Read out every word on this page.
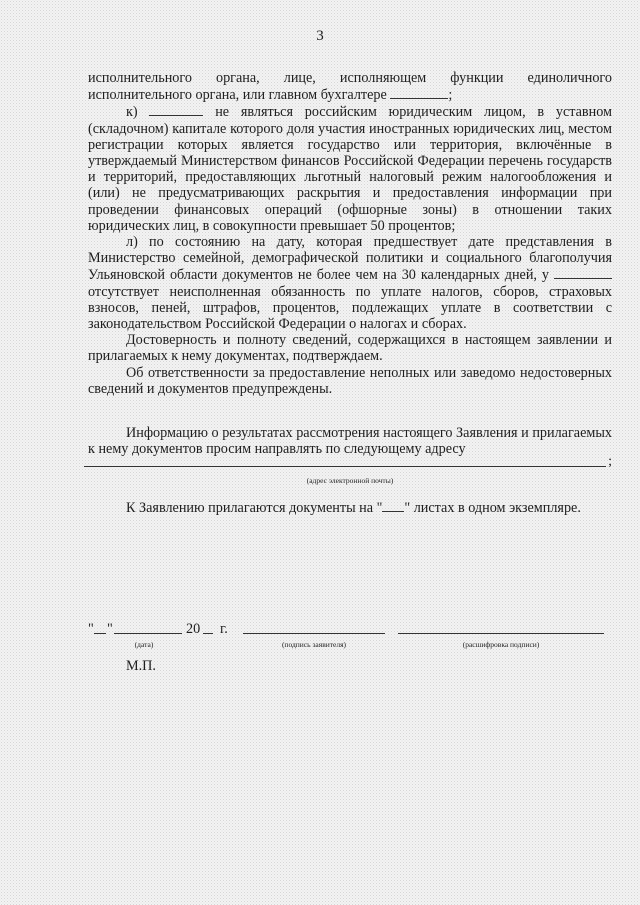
3

исполнительного органа, лице, исполняющем функции единоличного исполнительного органа, или главном бухгалтере	;

к)	не являться российским юридическим лицом, в уставном (складочном) капитале которого доля участия иностранных юридических лиц, местом регистрации которых является государство или территория, включённые в утверждаемый Министерством финансов Российской Федерации перечень государств и территорий, предоставляющих льготный налоговый режим налогообложения и (или) не предусматривающих раскрытия и предоставления информации при проведении финансовых операций (офшорные зоны) в отношении таких юридических лиц, в совокупности превышает 50 процентов;

л) по состоянию на дату, которая предшествует дате представления в Министерство семейной, демографической политики и социального благополучия Ульяновской области документов не более чем на 30 календарных дней, у  отсутствует неисполненная обязанность по уплате налогов, сборов, страховых взносов, пеней, штрафов, процентов, подлежащих уплате в соответствии с законодательством Российской Федерации о налогах и сборах.

Достоверность и полноту сведений, содержащихся в настоящем заявлении и прилагаемых к нему документах, подтверждаем.

Об ответственности за предоставление неполных или заведомо недостоверных сведений и документов предупреждены.

Информацию о результатах рассмотрения настоящего Заявления и прилагаемых к нему документов просим направлять по следующему адресу

;
(адрес электронной почты)

К Заявлению прилагаются документы на " " листах в одном экземпляре.

" "	20 г.
(дата)	(подпись заявителя)	(расшифровка подписи)
М.П.
